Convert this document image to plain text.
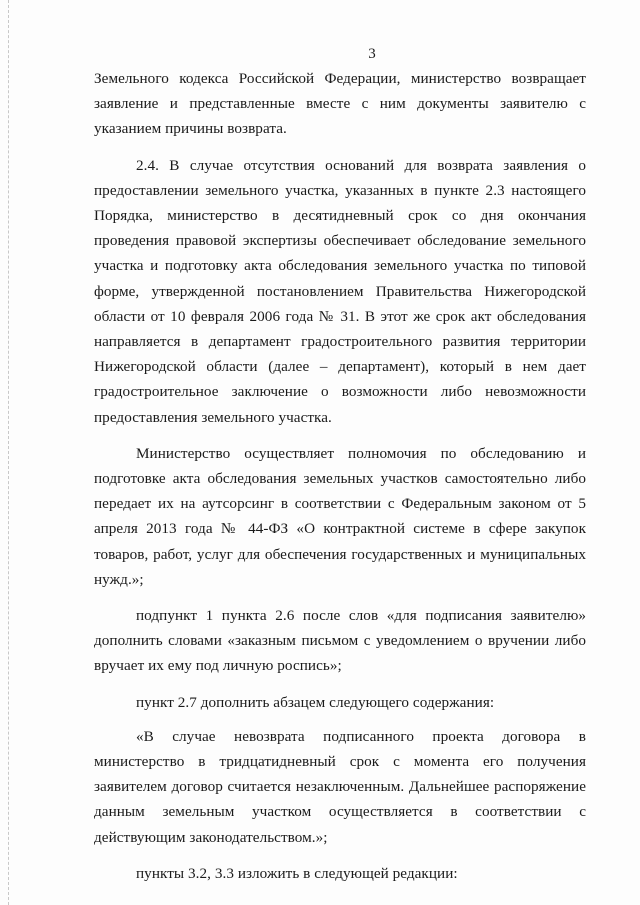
3

Земельного кодекса Российской Федерации, министерство возвращает заявление и представленные вместе с ним документы заявителю с указанием причины возврата.

2.4. В случае отсутствия оснований для возврата заявления о предоставлении земельного участка, указанных в пункте 2.3 настоящего Порядка, министерство в десятидневный срок со дня окончания проведения правовой экспертизы обеспечивает обследование земельного участка и подготовку акта обследования земельного участка по типовой форме, утвержденной постановлением Правительства Нижегородской области от 10 февраля 2006 года № 31. В этот же срок акт обследования направляется в департамент градостроительного развития территории Нижегородской области (далее – департамент), который в нем дает градостроительное заключение о возможности либо невозможности предоставления земельного участка.

Министерство осуществляет полномочия по обследованию и подготовке акта обследования земельных участков самостоятельно либо передает их на аутсорсинг в соответствии с Федеральным законом от 5 апреля 2013 года № 44-ФЗ «О контрактной системе в сфере закупок товаров, работ, услуг для обеспечения государственных и муниципальных нужд.»;

подпункт 1 пункта 2.6 после слов «для подписания заявителю» дополнить словами «заказным письмом с уведомлением о вручении либо вручает их ему под личную роспись»;

пункт 2.7 дополнить абзацем следующего содержания:

«В случае невозврата подписанного проекта договора в министерство в тридцатидневный срок с момента его получения заявителем договор считается незаключенным. Дальнейшее распоряжение данным земельным участком осуществляется в соответствии с действующим законодательством.»;

пункты 3.2, 3.3 изложить в следующей редакции:
